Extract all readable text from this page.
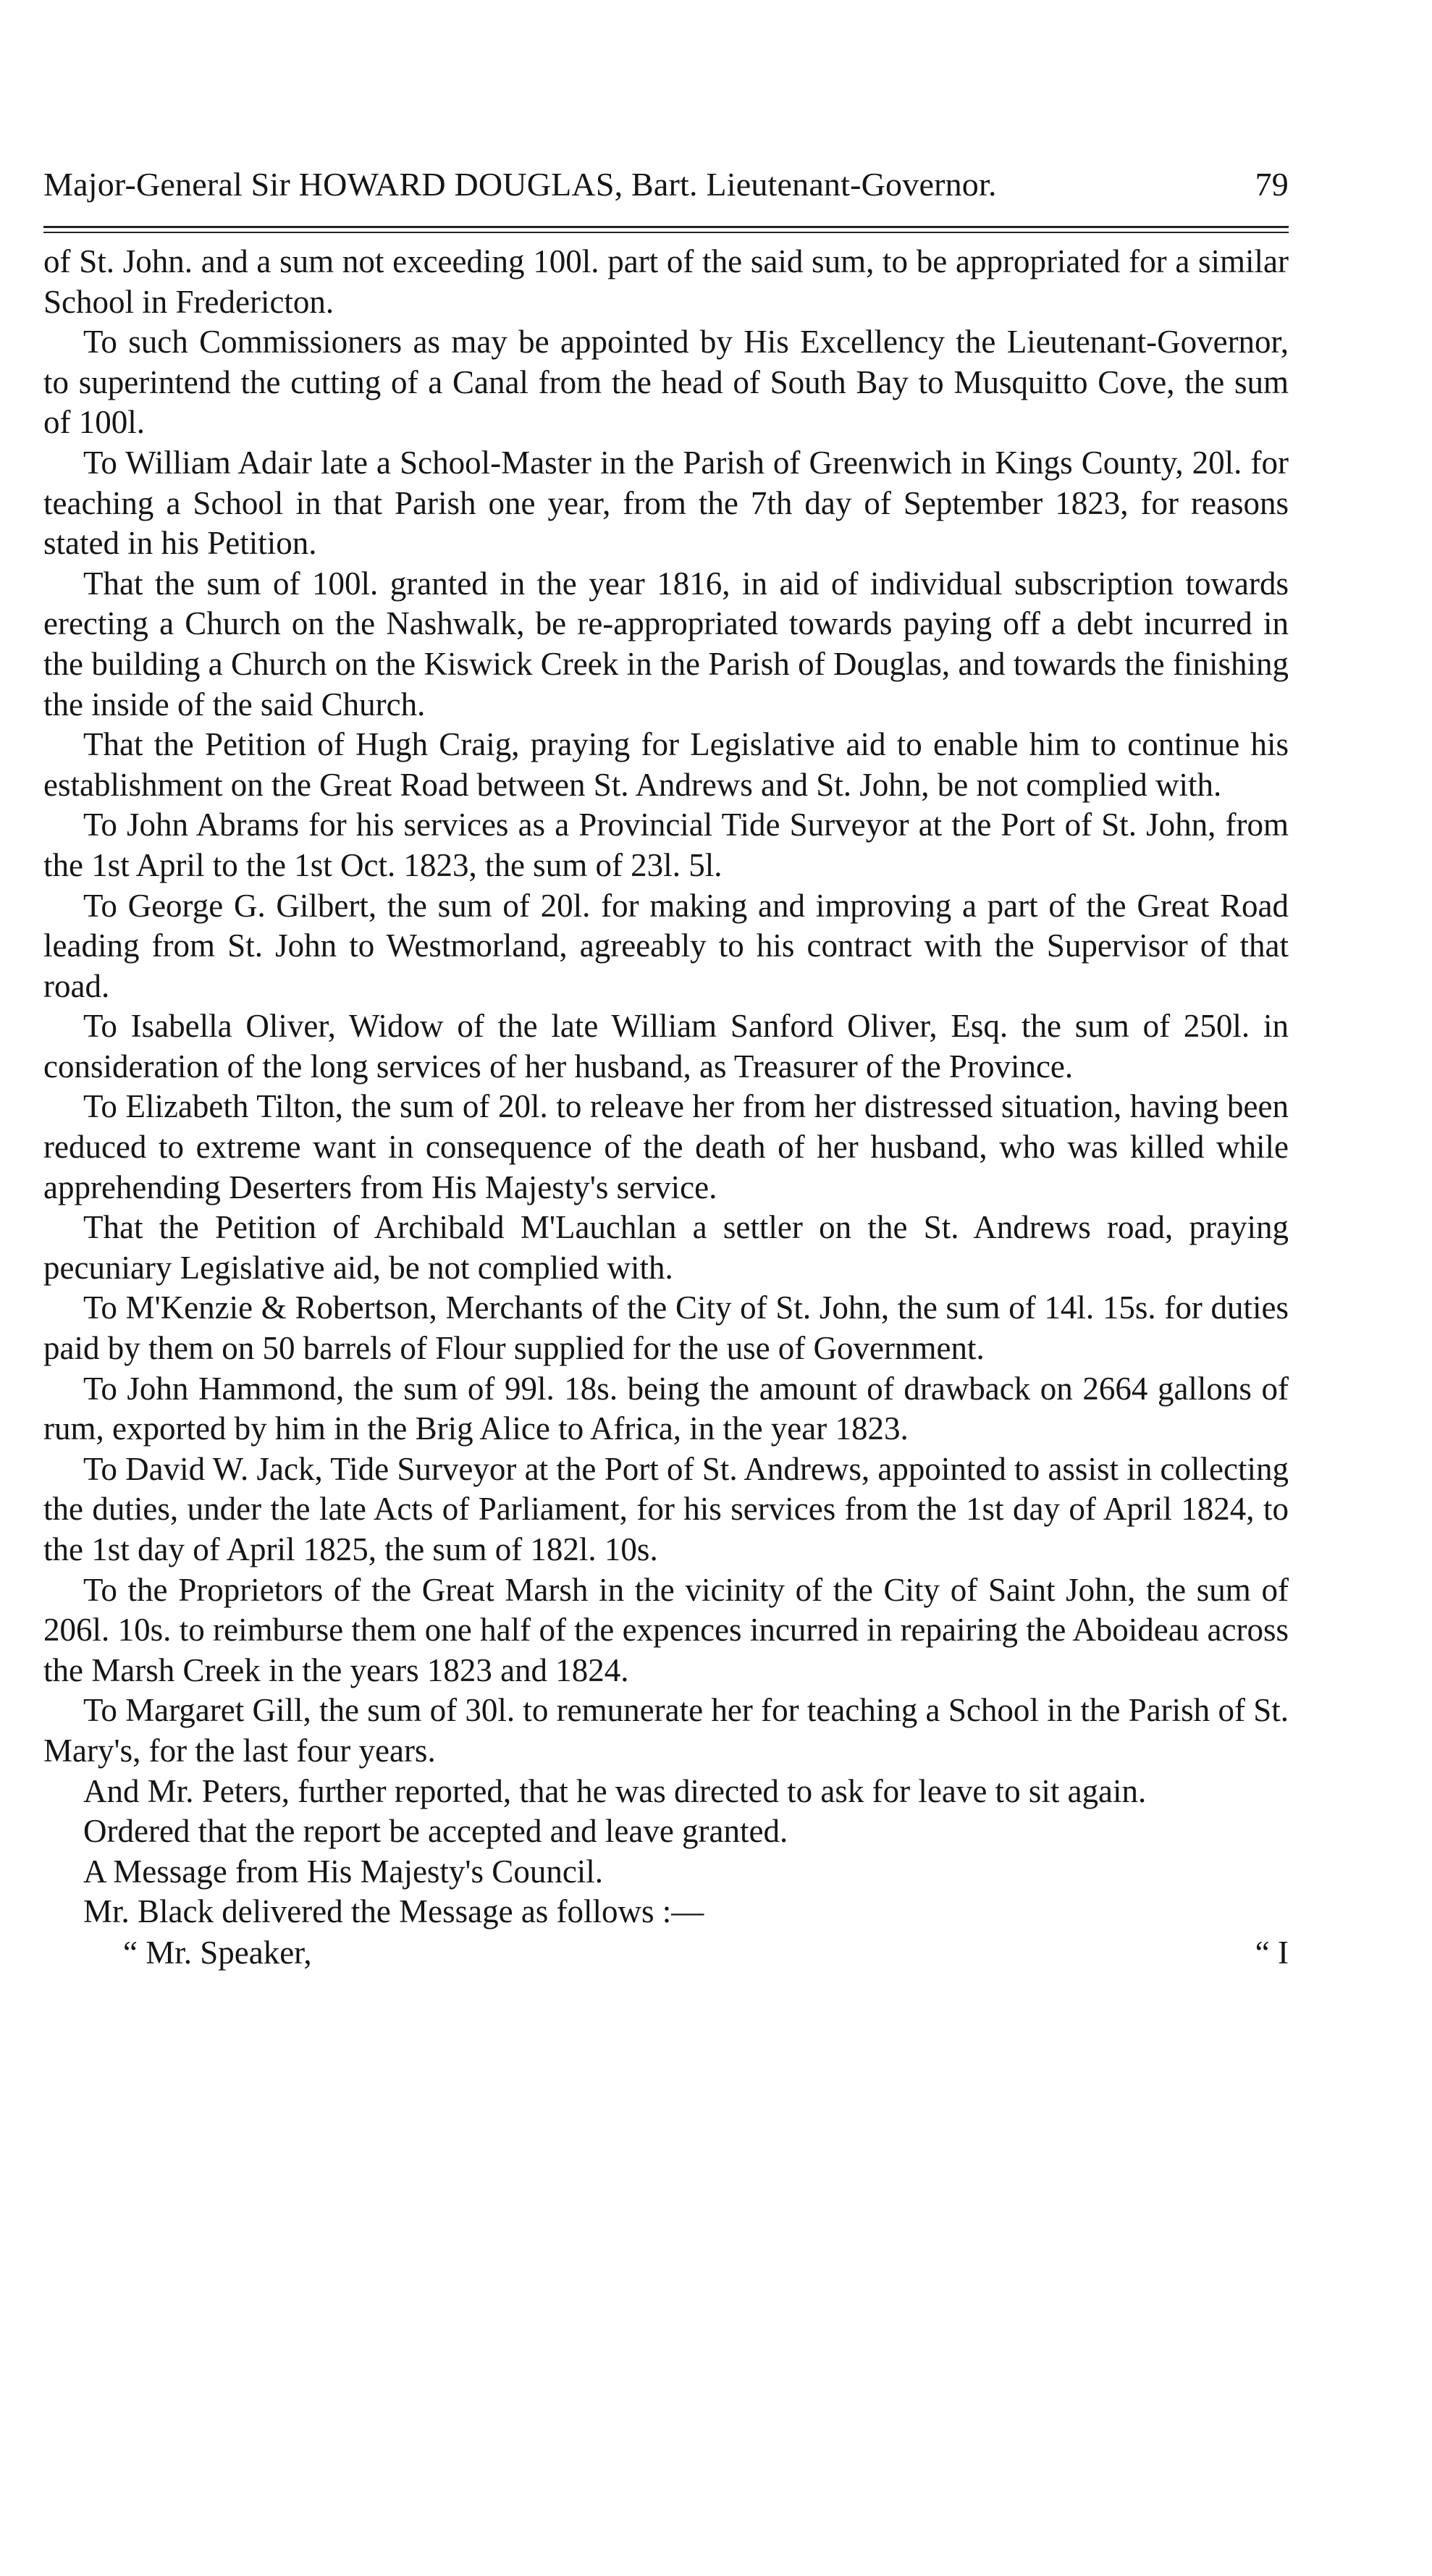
Major-General Sir HOWARD DOUGLAS, Bart. Lieutenant-Governor.	79

of St. John. and a sum not exceeding 100l. part of the said sum, to be appropriated for a similar School in Fredericton.

To such Commissioners as may be appointed by His Excellency the Lieutenant-Governor, to superintend the cutting of a Canal from the head of South Bay to Musquitto Cove, the sum of 100l.

To William Adair late a School-Master in the Parish of Greenwich in Kings County, 20l. for teaching a School in that Parish one year, from the 7th day of September 1823, for reasons stated in his Petition.

That the sum of 100l. granted in the year 1816, in aid of individual subscription towards erecting a Church on the Nashwalk, be re-appropriated towards paying off a debt incurred in the building a Church on the Kiswick Creek in the Parish of Douglas, and towards the finishing the inside of the said Church.

That the Petition of Hugh Craig, praying for Legislative aid to enable him to continue his establishment on the Great Road between St. Andrews and St. John, be not complied with.

To John Abrams for his services as a Provincial Tide Surveyor at the Port of St. John, from the 1st April to the 1st Oct. 1823, the sum of 23l. 5l.

To George G. Gilbert, the sum of 20l. for making and improving a part of the Great Road leading from St. John to Westmorland, agreeably to his contract with the Supervisor of that road.

To Isabella Oliver, Widow of the late William Sanford Oliver, Esq. the sum of 250l. in consideration of the long services of her husband, as Treasurer of the Province.

To Elizabeth Tilton, the sum of 20l. to releave her from her distressed situation, having been reduced to extreme want in consequence of the death of her husband, who was killed while apprehending Deserters from His Majesty's service.

That the Petition of Archibald M'Lauchlan a settler on the St. Andrews road, praying pecuniary Legislative aid, be not complied with.

To M'Kenzie & Robertson, Merchants of the City of St. John, the sum of 14l. 15s. for duties paid by them on 50 barrels of Flour supplied for the use of Government.

To John Hammond, the sum of 99l. 18s. being the amount of drawback on 2664 gallons of rum, exported by him in the Brig Alice to Africa, in the year 1823.

To David W. Jack, Tide Surveyor at the Port of St. Andrews, appointed to assist in collecting the duties, under the late Acts of Parliament, for his services from the 1st day of April 1824, to the 1st day of April 1825, the sum of 182l. 10s.

To the Proprietors of the Great Marsh in the vicinity of the City of Saint John, the sum of 206l. 10s. to reimburse them one half of the expences incurred in repairing the Aboideau across the Marsh Creek in the years 1823 and 1824.

To Margaret Gill, the sum of 30l. to remunerate her for teaching a School in the Parish of St. Mary's, for the last four years.

And Mr. Peters, further reported, that he was directed to ask for leave to sit again.

Ordered that the report be accepted and leave granted.

A Message from His Majesty's Council.

Mr. Black delivered the Message as follows :—

“ Mr. Speaker,	“ I
